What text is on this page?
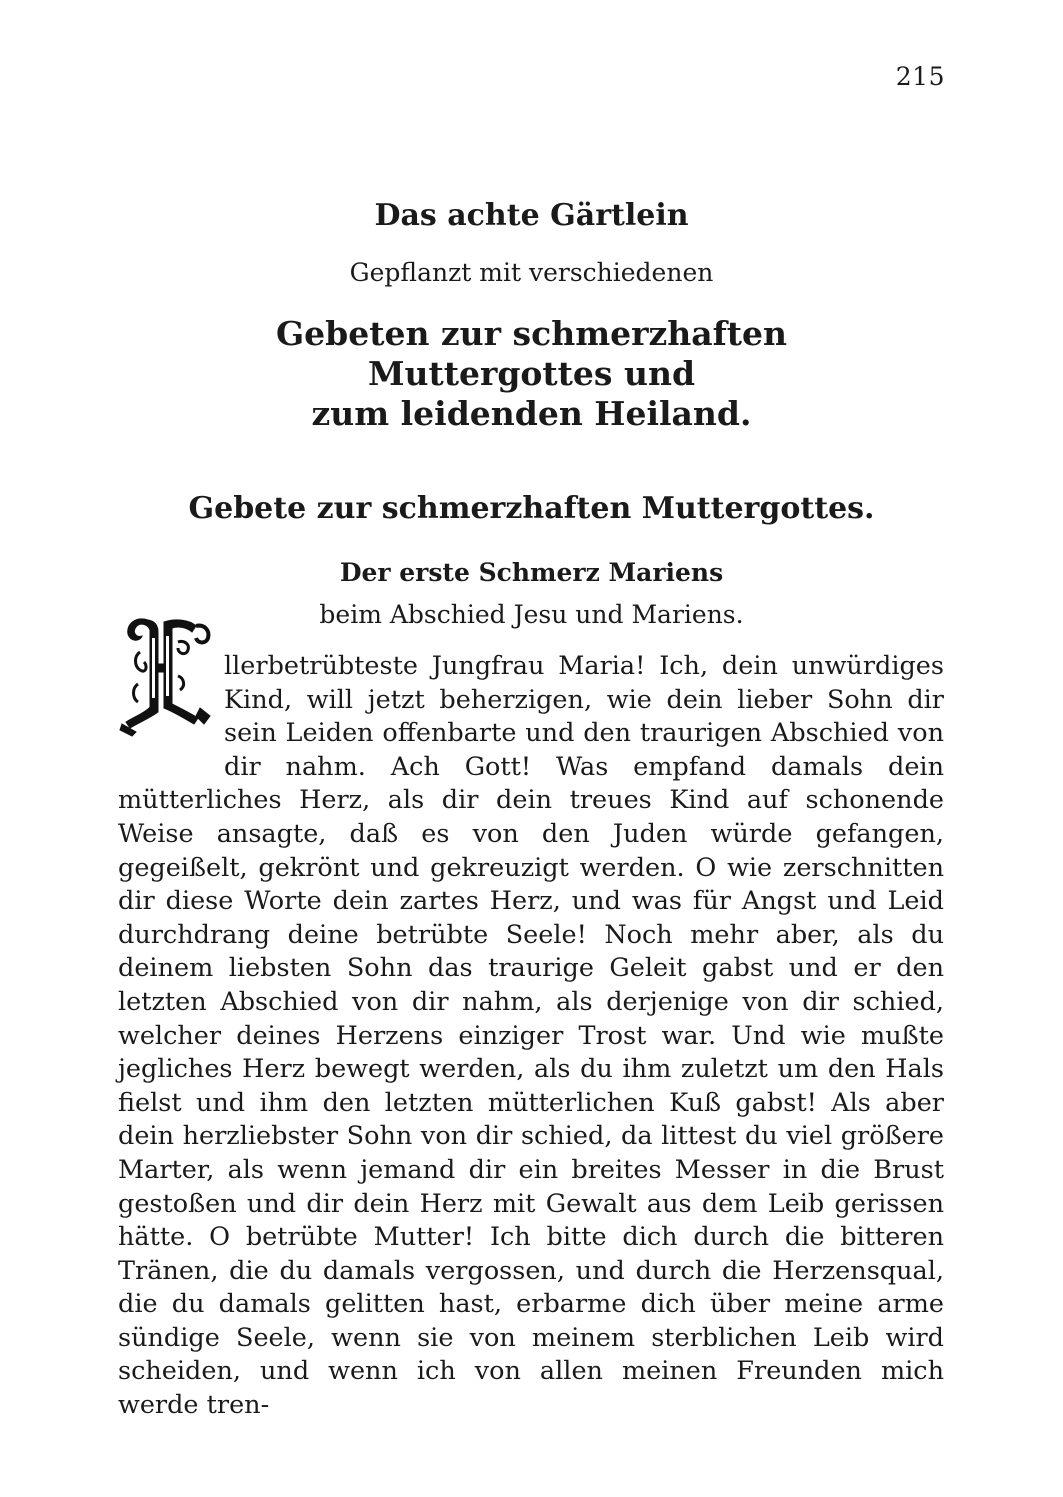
215
Das achte Gärtlein
Gepflanzt mit verschiedenen
Gebeten zur schmerzhaften
Muttergottes und
zum leidenden Heiland.
Gebete zur schmerzhaften Muttergottes.
Der erste Schmerz Mariens
beim Abschied Jesu und Mariens.
llerbetrübteste Jungfrau Maria! Ich, dein unwürdiges Kind, will jetzt beherzigen, wie dein lieber Sohn dir sein Leiden offenbarte und den traurigen Abschied von dir nahm. Ach Gott! Was empfand damals dein mütterliches Herz, als dir dein treues Kind auf schonende Weise ansagte, daß es von den Juden würde gefangen, gegeißelt, gekrönt und gekreuzigt werden. O wie zerschnitten dir diese Worte dein zartes Herz, und was für Angst und Leid durchdrang deine betrübte Seele! Noch mehr aber, als du deinem liebsten Sohn das traurige Geleit gabst und er den letzten Abschied von dir nahm, als derjenige von dir schied, welcher deines Herzens einziger Trost war. Und wie mußte jegliches Herz bewegt werden, als du ihm zuletzt um den Hals fielst und ihm den letzten mütterlichen Kuß gabst! Als aber dein herzliebster Sohn von dir schied, da littest du viel größere Marter, als wenn jemand dir ein breites Messer in die Brust gestoßen und dir dein Herz mit Gewalt aus dem Leib gerissen hätte. O betrübte Mutter! Ich bitte dich durch die bitteren Tränen, die du damals vergossen, und durch die Herzensqual, die du damals gelitten hast, erbarme dich über meine arme sündige Seele, wenn sie von meinem sterblichen Leib wird scheiden, und wenn ich von allen meinen Freunden mich werde tren-
